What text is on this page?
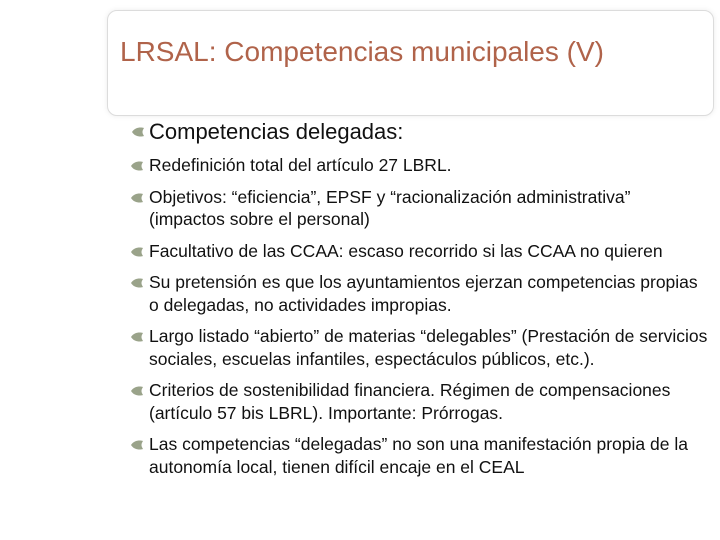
LRSAL: Competencias municipales (V)
Competencias delegadas:
Redefinición total del artículo 27 LBRL.
Objetivos: “eficiencia”, EPSF y “racionalización administrativa” (impactos sobre el personal)
Facultativo de las CCAA: escaso recorrido si las CCAA no quieren
Su pretensión es que los ayuntamientos ejerzan competencias propias o delegadas, no actividades impropias.
Largo listado “abierto” de materias “delegables” (Prestación de servicios sociales, escuelas infantiles, espectáculos públicos, etc.).
Criterios de sostenibilidad financiera. Régimen de compensaciones (artículo 57 bis LBRL). Importante: Prórrogas.
Las competencias “delegadas” no son una manifestación propia de la autonomía local, tienen difícil encaje en el CEAL
